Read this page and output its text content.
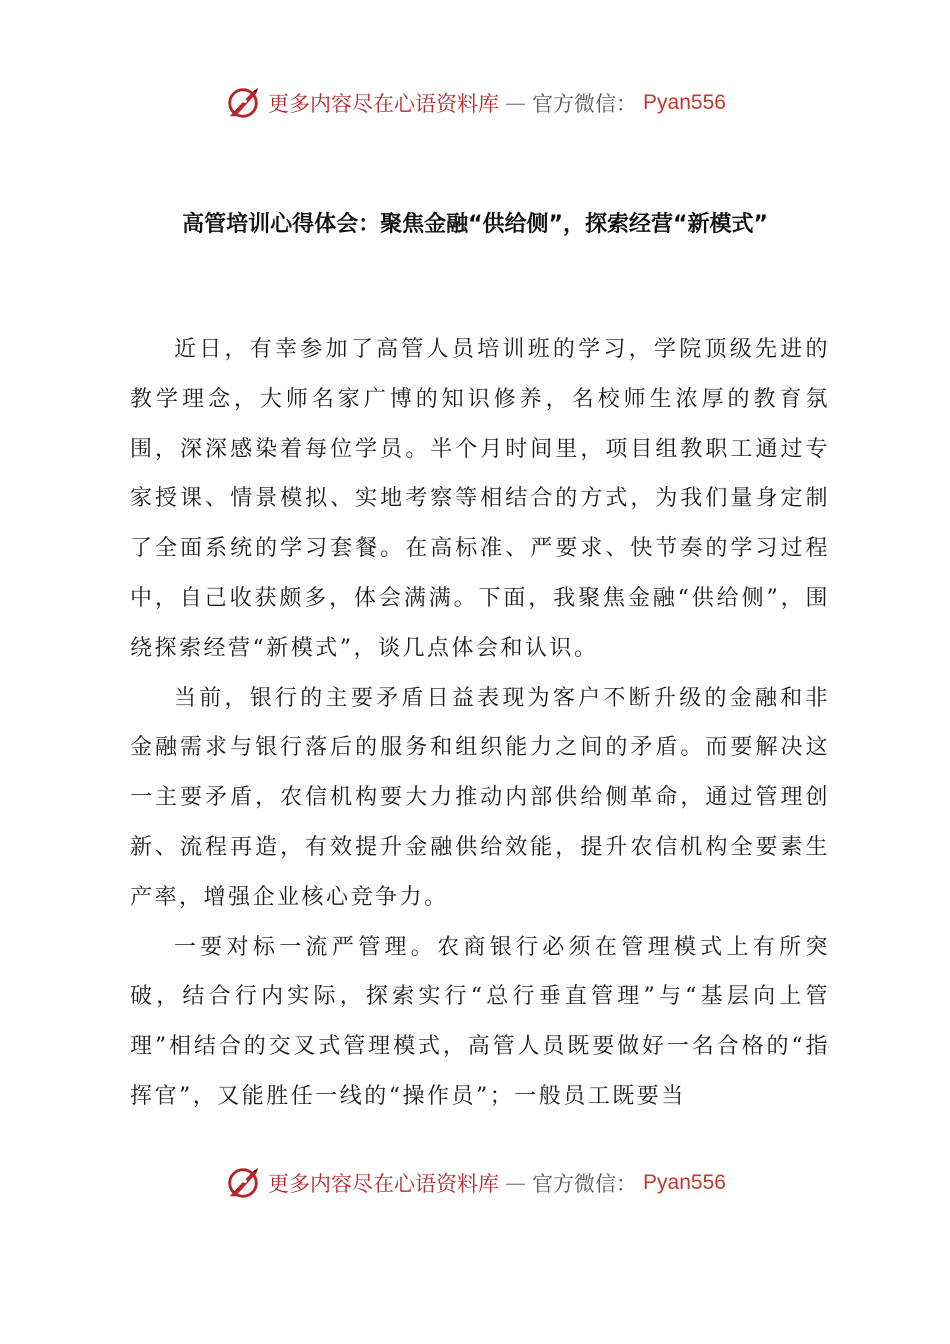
更多内容尽在心语资料库 — 官方微信： Pyan556
高管培训心得体会：聚焦金融“供给侧”，探索经营“新模式”

近日，有幸参加了高管人员培训班的学习，学院顶级先进的教学理念，大师名家广博的知识修养，名校师生浓厚的教育氛围，深深感染着每位学员。半个月时间里，项目组教职工通过专家授课、情景模拟、实地考察等相结合的方式，为我们量身定制了全面系统的学习套餐。在高标准、严要求、快节奏的学习过程中，自己收获颇多，体会满满。下面，我聚焦金融“供给侧”，围绕探索经营“新模式”，谈几点体会和认识。

当前，银行的主要矛盾日益表现为客户不断升级的金融和非金融需求与银行落后的服务和组织能力之间的矛盾。而要解决这一主要矛盾，农信机构要大力推动内部供给侧革命，通过管理创新、流程再造，有效提升金融供给效能，提升农信机构全要素生产率，增强企业核心竞争力。

一要对标一流严管理。农商银行必须在管理模式上有所突破，结合行内实际，探索实行“总行垂直管理”与“基层向上管理”相结合的交叉式管理模式，高管人员既要做好一名合格的“指挥官”，又能胜任一线的“操作员”；一般员工既要当

更多内容尽在心语资料库 — 官方微信： Pyan556
